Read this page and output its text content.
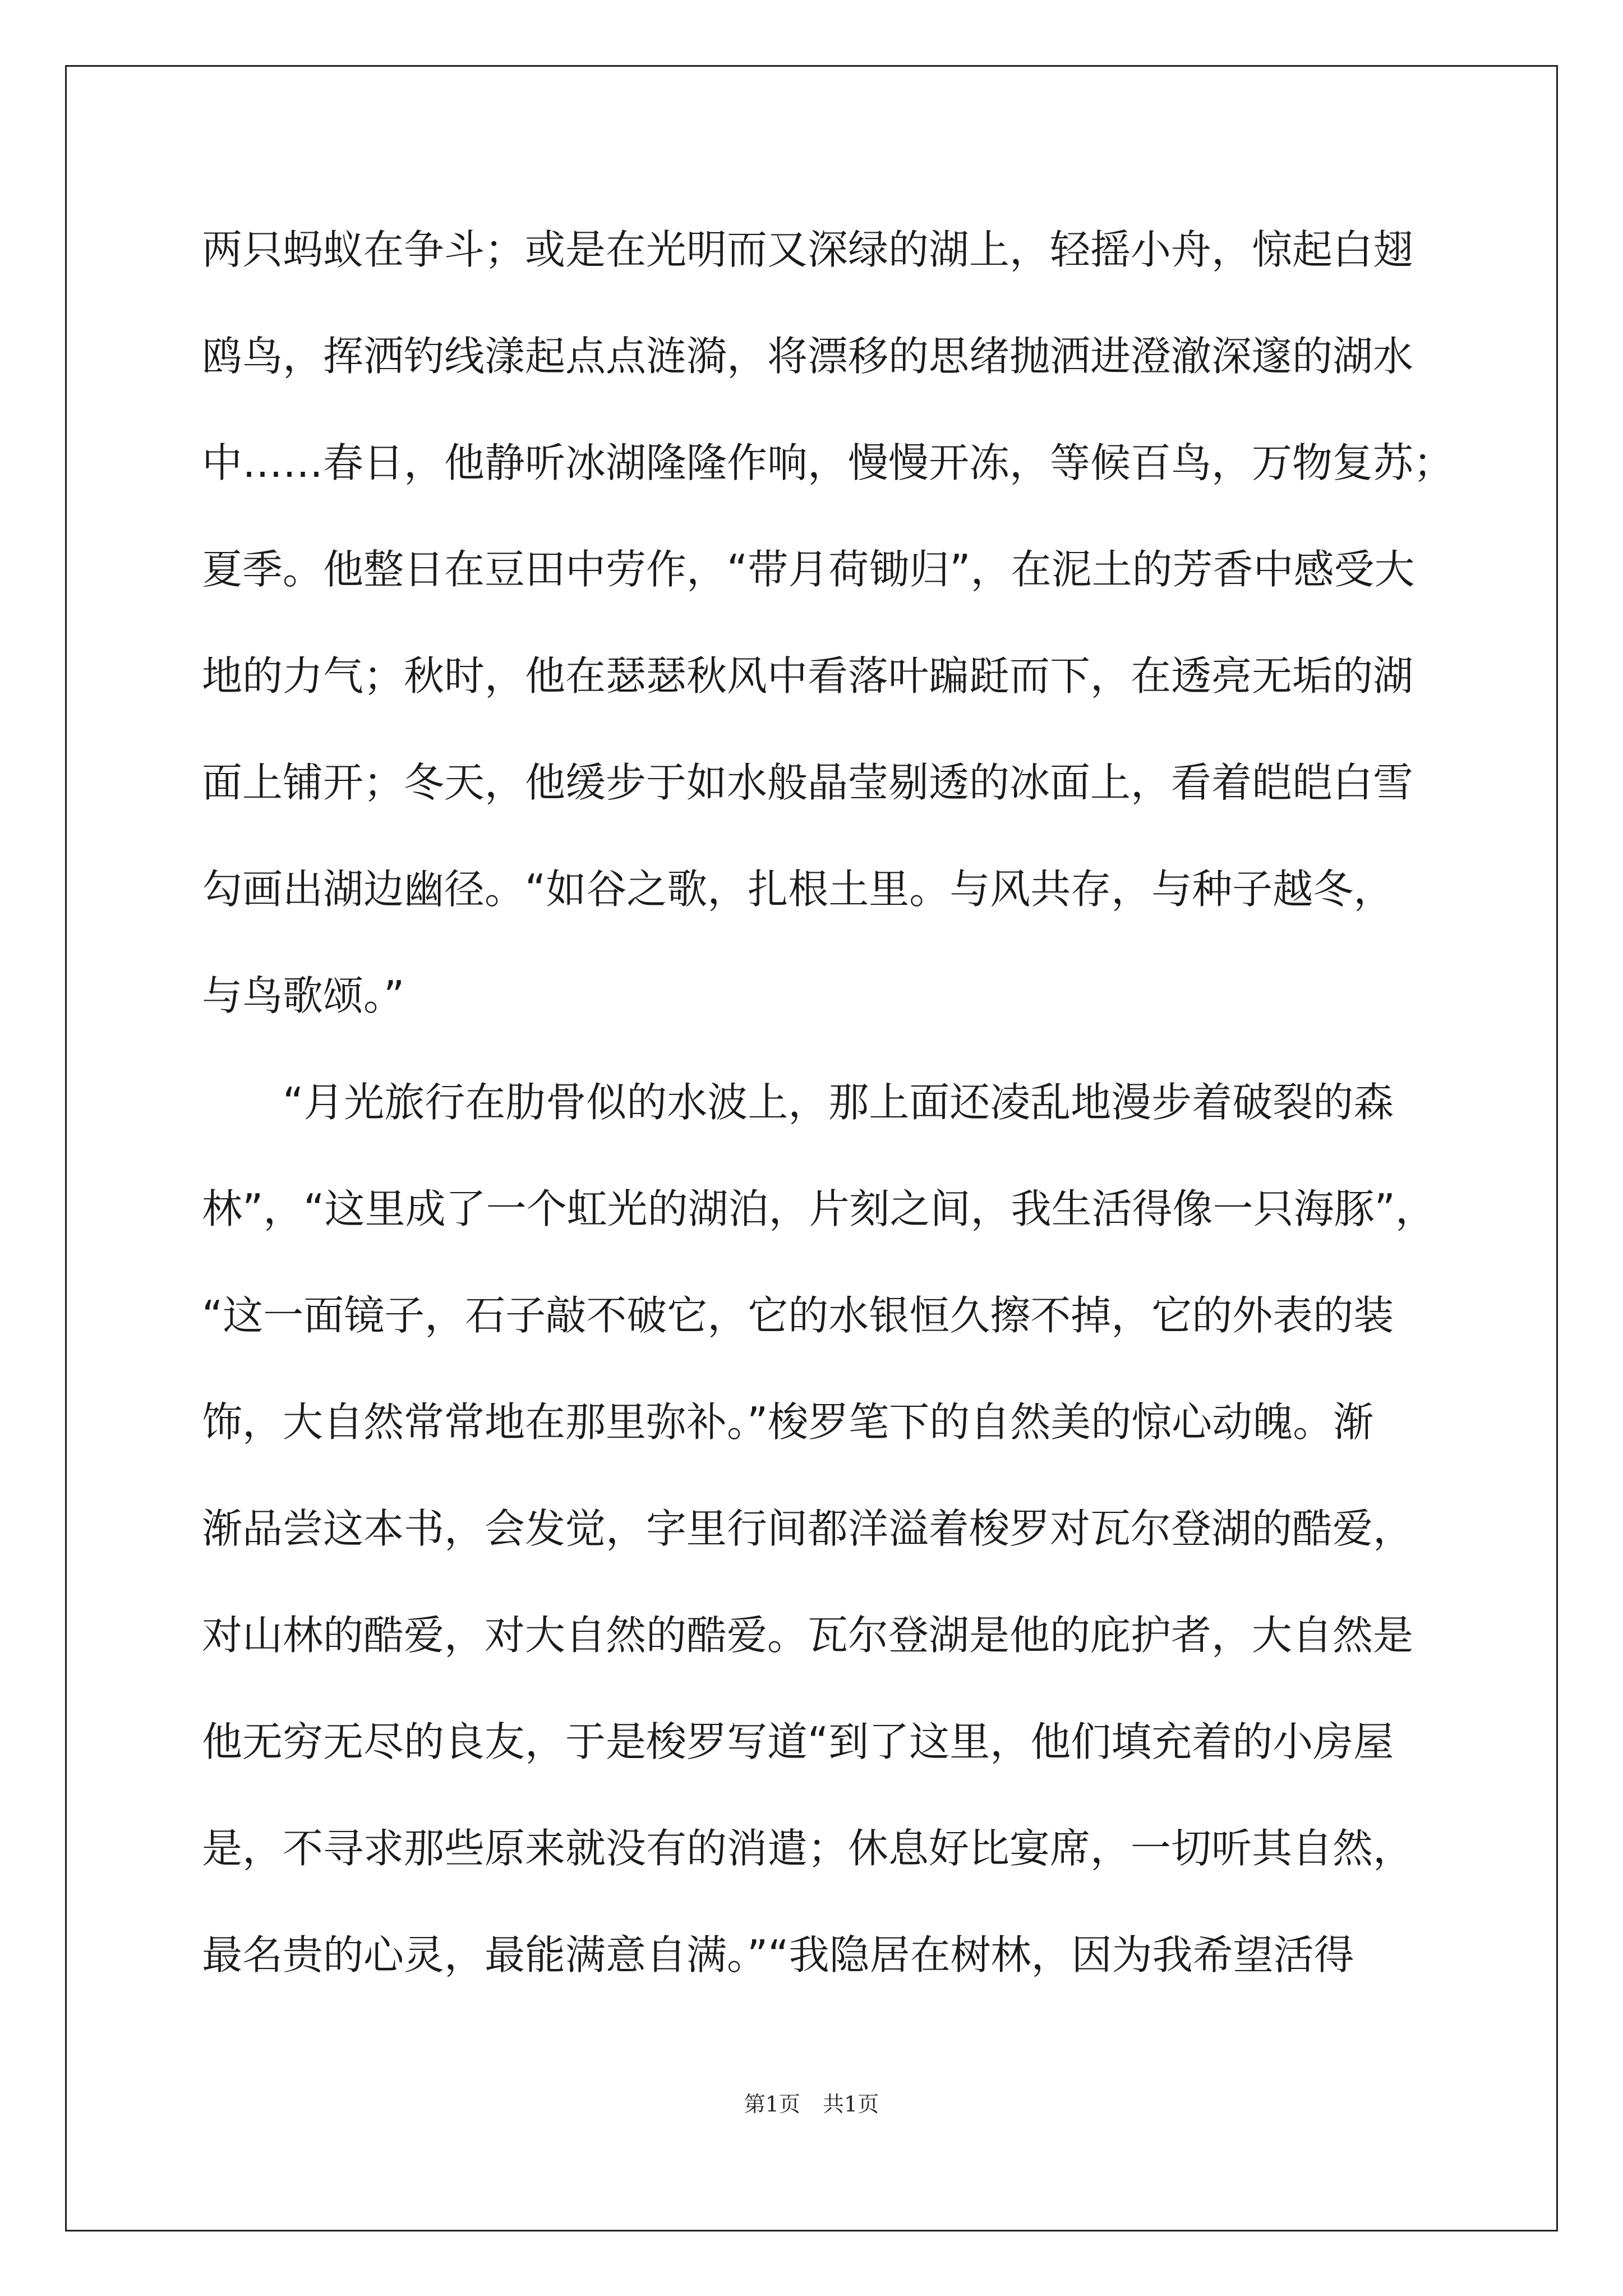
两只蚂蚁在争斗；或是在光明而又深绿的湖上，轻摇小舟，惊起白翅
鸥鸟，挥洒钓线漾起点点涟漪，将漂移的思绪抛洒进澄澈深邃的湖水
中……春日，他静听冰湖隆隆作响，慢慢开冻，等候百鸟，万物复苏；
夏季。他整日在豆田中劳作，“带月荷锄归”，在泥土的芳香中感受大
地的力气；秋时，他在瑟瑟秋风中看落叶蹁跹而下，在透亮无垢的湖
面上铺开；冬天，他缓步于如水般晶莹剔透的冰面上，看着皑皑白雪
勾画出湖边幽径。“如谷之歌，扎根土里。与风共存，与种子越冬，
与鸟歌颂。”
“月光旅行在肋骨似的水波上，那上面还凌乱地漫步着破裂的森
林”，“这里成了一个虹光的湖泊，片刻之间，我生活得像一只海豚”，
“这一面镜子，石子敲不破它，它的水银恒久擦不掉，它的外表的装
饰，大自然常常地在那里弥补。”梭罗笔下的自然美的惊心动魄。渐
渐品尝这本书，会发觉，字里行间都洋溢着梭罗对瓦尔登湖的酷爱，
对山林的酷爱，对大自然的酷爱。瓦尔登湖是他的庇护者，大自然是
他无穷无尽的良友，于是梭罗写道“到了这里，他们填充着的小房屋
是，不寻求那些原来就没有的消遣；休息好比宴席，一切听其自然，
最名贵的心灵，最能满意自满。”“我隐居在树林，因为我希望活得
第1页 共1页
